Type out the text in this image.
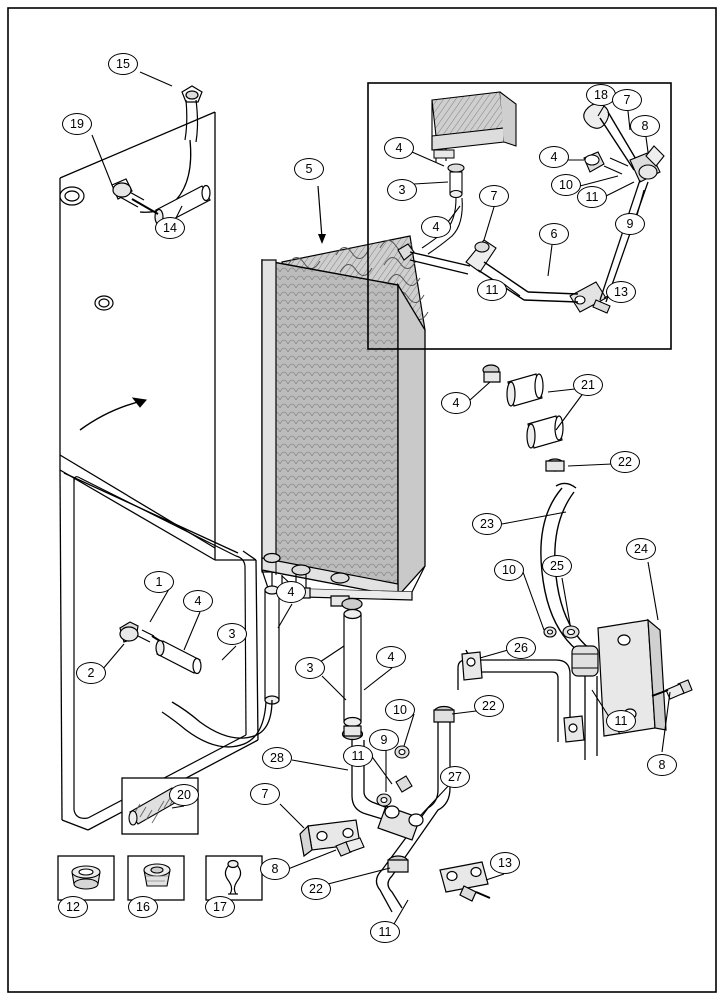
15
19
14
5
4
3
4
7
11
6
13
18	7
8
4
10
11
9
4
21
22
23
24
10	25
1
4
2
3
4
3
4
26
10	22
11
8
9
11
28
27
7
20
8
22
13
11
12	16	17
